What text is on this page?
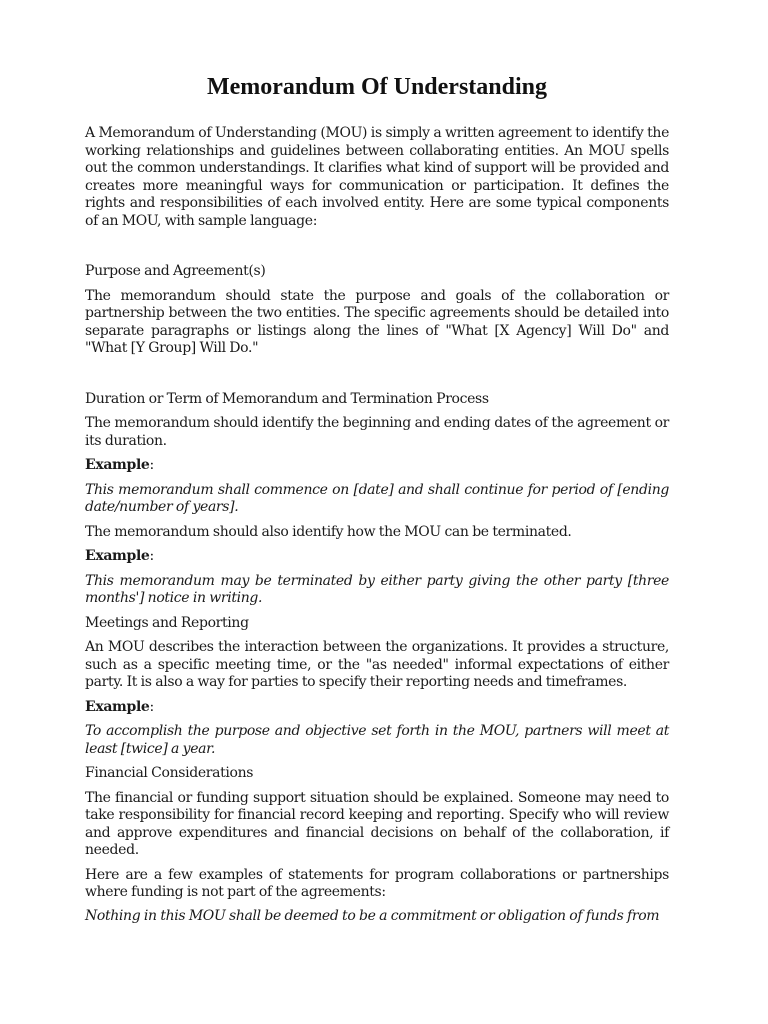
Memorandum Of Understanding

A Memorandum of Understanding (MOU) is simply a written agreement to identify the working relationships and guidelines between collaborating entities. An MOU spells out the common understandings. It clarifies what kind of support will be provided and creates more meaningful ways for communication or participation. It defines the rights and responsibilities of each involved entity. Here are some typical components of an MOU, with sample language:

Purpose and Agreement(s)

The memorandum should state the purpose and goals of the collaboration or partnership between the two entities. The specific agreements should be detailed into separate paragraphs or listings along the lines of "What [X Agency] Will Do" and "What [Y Group] Will Do."

Duration or Term of Memorandum and Termination Process

The memorandum should identify the beginning and ending dates of the agreement or its duration.

Example:

This memorandum shall commence on [date] and shall continue for period of [ending date/number of years].

The memorandum should also identify how the MOU can be terminated.

Example:

This memorandum may be terminated by either party giving the other party [three months'] notice in writing.

Meetings and Reporting

An MOU describes the interaction between the organizations. It provides a structure, such as a specific meeting time, or the "as needed" informal expectations of either party. It is also a way for parties to specify their reporting needs and timeframes.

Example:

To accomplish the purpose and objective set forth in the MOU, partners will meet at least [twice] a year.

Financial Considerations

The financial or funding support situation should be explained. Someone may need to take responsibility for financial record keeping and reporting. Specify who will review and approve expenditures and financial decisions on behalf of the collaboration, if needed.

Here are a few examples of statements for program collaborations or partnerships where funding is not part of the agreements:

Nothing in this MOU shall be deemed to be a commitment or obligation of funds from
